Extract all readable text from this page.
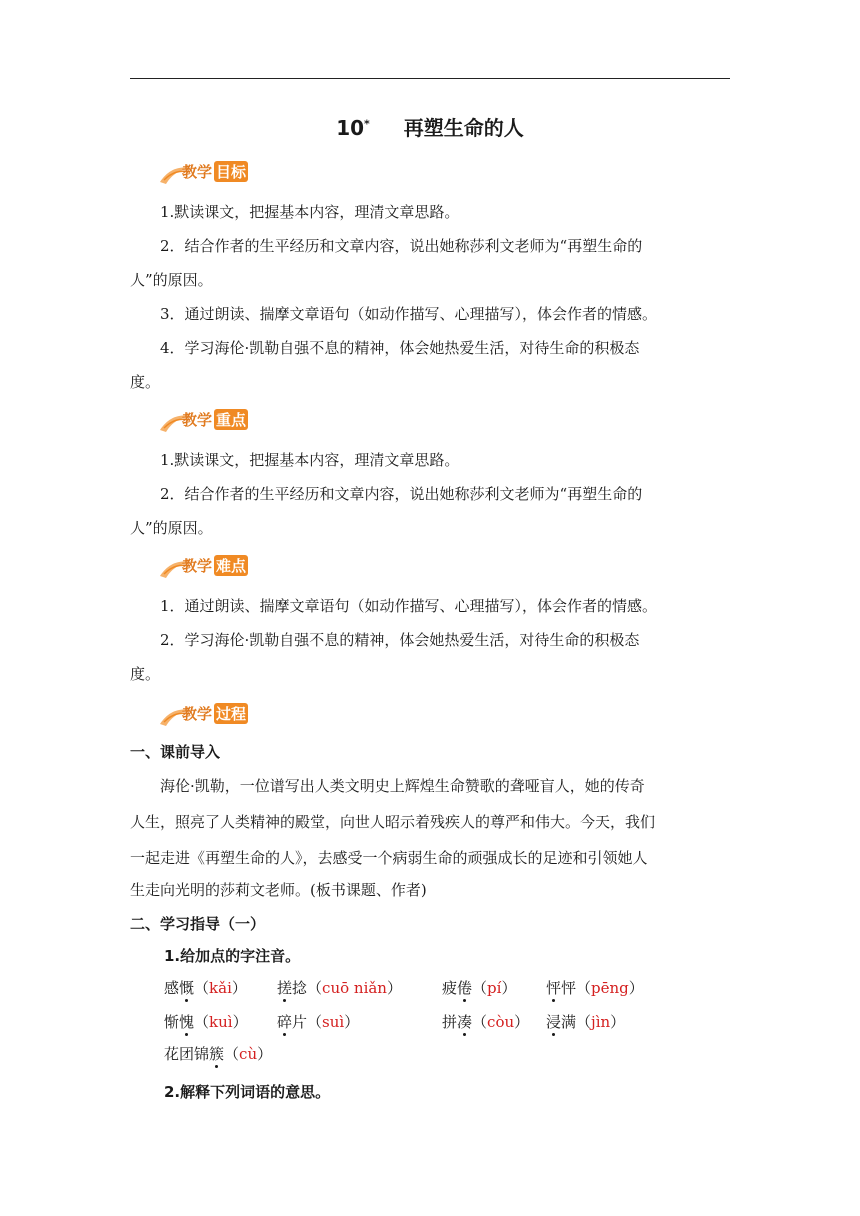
10* 再塑生命的人
教学 目标
1.默读课文，把握基本内容，理清文章思路。
2．结合作者的生平经历和文章内容，说出她称莎利文老师为“再塑生命的
人”的原因。
3．通过朗读、揣摩文章语句（如动作描写、心理描写），体会作者的情感。
4．学习海伦·凯勒自强不息的精神，体会她热爱生活，对待生命的积极态
度。
教学 重点
1.默读课文，把握基本内容，理清文章思路。
2．结合作者的生平经历和文章内容，说出她称莎利文老师为“再塑生命的
人”的原因。
教学 难点
1．通过朗读、揣摩文章语句（如动作描写、心理描写），体会作者的情感。
2．学习海伦·凯勒自强不息的精神，体会她热爱生活，对待生命的积极态
度。
教学 过程
一、课前导入
海伦·凯勒，一位谱写出人类文明史上辉煌生命赞歌的聋哑盲人，她的传奇
人生，照亮了人类精神的殿堂，向世人昭示着残疾人的尊严和伟大。今天，我们
一起走进《再塑生命的人》，去感受一个病弱生命的顽强成长的足迹和引领她人
生走向光明的莎莉文老师。(板书课题、作者)
二、学习指导（一）
1.给加点的字注音。
感慨（kǎi） 搓捻（cuō niǎn）	疲倦（pí） 怦怦（pēng）
惭愧（kuì） 碎片（suì）	拼凑（còu） 浸满（jìn）
花团锦簇（cù）
2.解释下列词语的意思。
